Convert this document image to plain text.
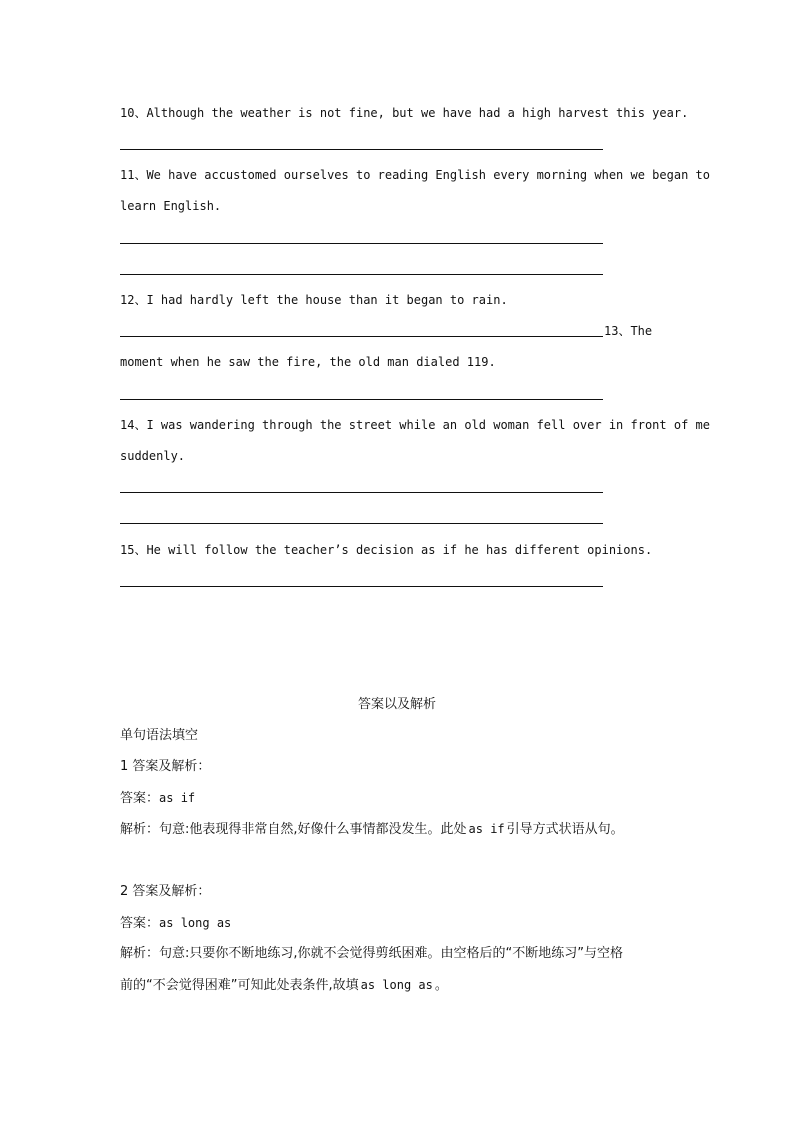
10、Although the weather is not fine, but we have had a high harvest this year.
11、We have accustomed ourselves to reading English every morning when we began to
learn English.
12、I had hardly left the house than it began to rain.
13、The
moment when he saw the fire, the old man dialed 119.
14、I was wandering through the street while an old woman fell over in front of me
suddenly.
15、He will follow the teacher’s decision as if he has different opinions.
答案以及解析
单句语法填空
1 答案及解析：
答案：as if
解析：句意:他表现得非常自然,好像什么事情都没发生。此处 as if 引导方式状语从句。
2 答案及解析：
答案：as long as
解析：句意:只要你不断地练习,你就不会觉得剪纸困难。由空格后的“不断地练习”与空格
前的“不会觉得困难”可知此处表条件,故填 as long as 。
